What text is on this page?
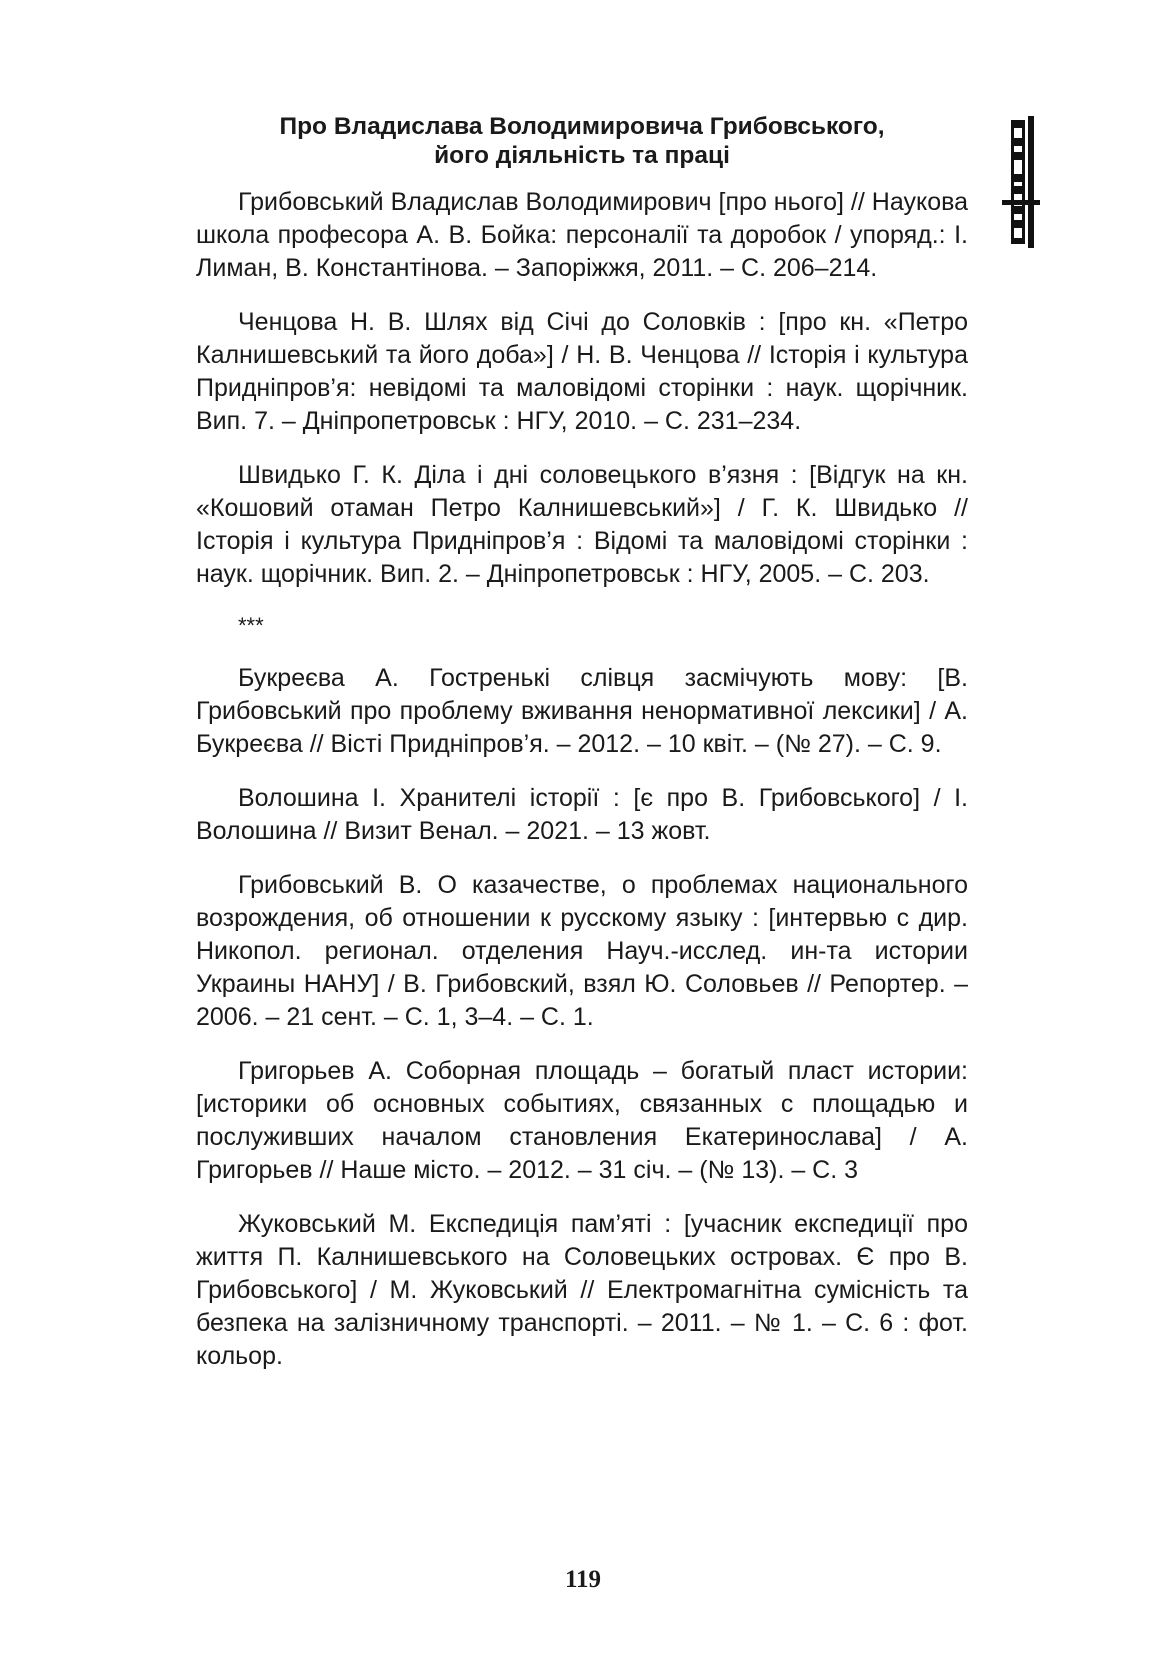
Про Владислава Володимировича Грибовського,
його діяльність та праці

Грибовський Владислав Володимирович [про нього] // Наукова школа професора А. В. Бойка: персоналії та доробок / упоряд.: І. Лиман, В. Константінова. – Запоріжжя, 2011. – С. 206–214.

Ченцова Н. В. Шлях від Січі до Соловків : [про кн. «Петро Калнишевський та його доба»] / Н. В. Ченцова // Історія і культура Придніпров’я: невідомі та маловідомі сторінки : наук. щорічник. Вип. 7. – Дніпропетровськ : НГУ, 2010. – С. 231–234.

Швидько Г. К. Діла і дні соловецького в’язня : [Відгук на кн. «Кошовий отаман Петро Калнишевський»] / Г. К. Швидько // Історія і культура Придніпров’я : Відомі та маловідомі сторінки : наук. щорічник. Вип. 2. – Дніпропетровськ : НГУ, 2005. – С. 203.

***

Букреєва А. Гостренькі слівця засмічують мову: [В. Грибовський про проблему вживання ненормативної лексики] / А. Букреєва // Вісті Придніпров’я. – 2012. – 10 квіт. – (№ 27). – С. 9.

Волошина І. Хранителі історії : [є про В. Грибовського] / І. Волошина // Визит Венал. – 2021. – 13 жовт.

Грибовський В. О казачестве, о проблемах национального возрождения, об отношении к русскому языку : [интервью с дир. Никопол. регионал. отделения Науч.-исслед. ин-та истории Украины НАНУ] / В. Грибовский, взял Ю. Соловьев // Репортер. – 2006. – 21 сент. – С. 1, 3–4. – С. 1.

Григорьев А. Соборная площадь – богатый пласт истории: [историки об основных событиях, связанных с площадью и послуживших началом становления Екатеринослава] / А. Григорьев // Наше місто. – 2012. – 31 січ. – (№ 13). – С. 3

Жуковський М. Експедиція пам’яті : [учасник експедиції про життя П. Калнишевського на Соловецьких островах. Є про В. Грибовського] / М. Жуковський // Електромагнітна сумісність та безпека на залізничному транспорті. – 2011. – № 1. – С. 6 : фот. кольор.

119
